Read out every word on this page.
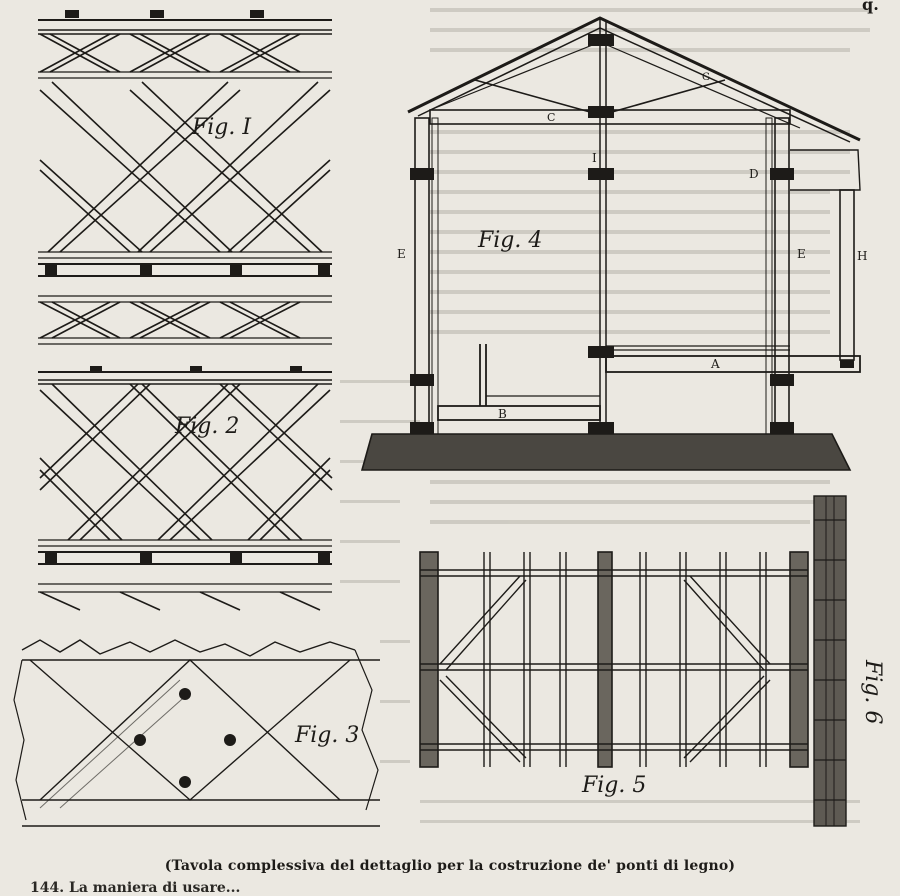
q.
Fig. I
Fig. 2
Fig. 3
Fig. 4
A
B
C
D
E	E	H
I
G
Fig. 5
Fig. 6
(Tavola complessiva del dettaglio per la costruzione de' ponti di legno)
144. La maniera di usare...
